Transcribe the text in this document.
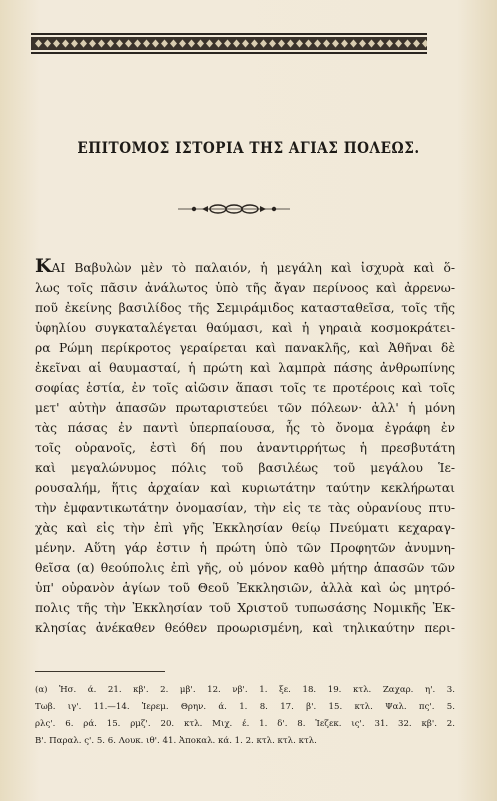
ΕΠΙΤΟΜΟΣ ΙΣΤΟΡΙΑ ΤΗΣ ΑΓΙΑΣ ΠΟΛΕΩΣ.
ΚΑΙ Βαβυλὼν μὲν τὸ παλαιόν, ἡ μεγάλη καὶ ἰσχυρὰ καὶ ὅ-
λως τοῖς πᾶσιν ἀνάλωτος ὑπὸ τῆς ἄγαν περίνοος καὶ ἀρρενω-
ποῦ ἐκείνης βασιλίδος τῆς Σεμιράμιδος κατασταθεῖσα, τοῖς τῆς
ὑφηλίου συγκαταλέγεται θαύμασι, καὶ ἡ γηραιὰ κοσμοκράτει-
ρα Ρώμη περίκροτος γεραίρεται καὶ πανακλῆς, καὶ Ἀθῆναι δὲ
ἐκεῖναι αἱ θαυμασταί, ἡ πρώτη καὶ λαμπρὰ πάσης ἀνθρωπίνης
σοφίας ἑστία, ἐν τοῖς αἰῶσιν ἅπασι τοῖς τε προτέροις καὶ τοῖς
μετ' αὐτὴν ἁπασῶν πρωταριστεύει τῶν πόλεων· ἀλλ' ἡ μόνη
τὰς πάσας ἐν παντὶ ὑπερπαίουσα, ἧς τὸ ὄνομα ἐγράφη ἐν
τοῖς οὐρανοῖς, ἐστὶ δή που ἀναντιρρήτως ἡ πρεσβυτάτη
καὶ μεγαλώνυμος πόλις τοῦ βασιλέως τοῦ μεγάλου Ἱε-
ρουσαλήμ, ἥτις ἀρχαίαν καὶ κυριωτάτην ταύτην κεκλήρωται
τὴν ἐμφαντικωτάτην ὀνομασίαν, τὴν εἰς τε τὰς οὐρανίους πτυ-
χὰς καὶ εἰς τὴν ἐπὶ γῆς Ἐκκλησίαν θείῳ Πνεύματι κεχαραγ-
μένην. Αὕτη γάρ ἐστιν ἡ πρώτη ὑπὸ τῶν Προφητῶν ἀνυμνη-
θεῖσα (α) θεούπολις ἐπὶ γῆς, οὐ μόνον καθὸ μήτηρ ἁπασῶν τῶν
ὑπ' οὐρανὸν ἁγίων τοῦ Θεοῦ Ἐκκλησιῶν, ἀλλὰ καὶ ὡς μητρό-
πολις τῆς τὴν Ἐκκλησίαν τοῦ Χριστοῦ τυπωσάσης Νομικῆς Ἐκ-
κλησίας ἀνέκαθεν θεόθεν προωρισμένη, καὶ τηλικαύτην περι-
(α) Ἡσ. ά. 21. κβ'. 2. μβ'. 12. νβ'. 1. ξε. 18. 19. κτλ. Ζαχαρ. η'. 3.
Τωβ. ιγ'. 11.—14. Ἱερεμ. Θρην. ά. 1. 8. 17. β'. 15. κτλ. Ψαλ. πς'. 5.
ρλς'. 6. ρά. 15. ρμζ'. 20. κτλ. Μιχ. έ. 1. δ'. 8. Ἰεζεκ. ις'. 31. 32. κβ'. 2.
Β'. Παραλ. ς'. 5. 6. Λουκ. ιθ'. 41. Ἀποκαλ. κά. 1. 2. κτλ. κτλ. κτλ.
